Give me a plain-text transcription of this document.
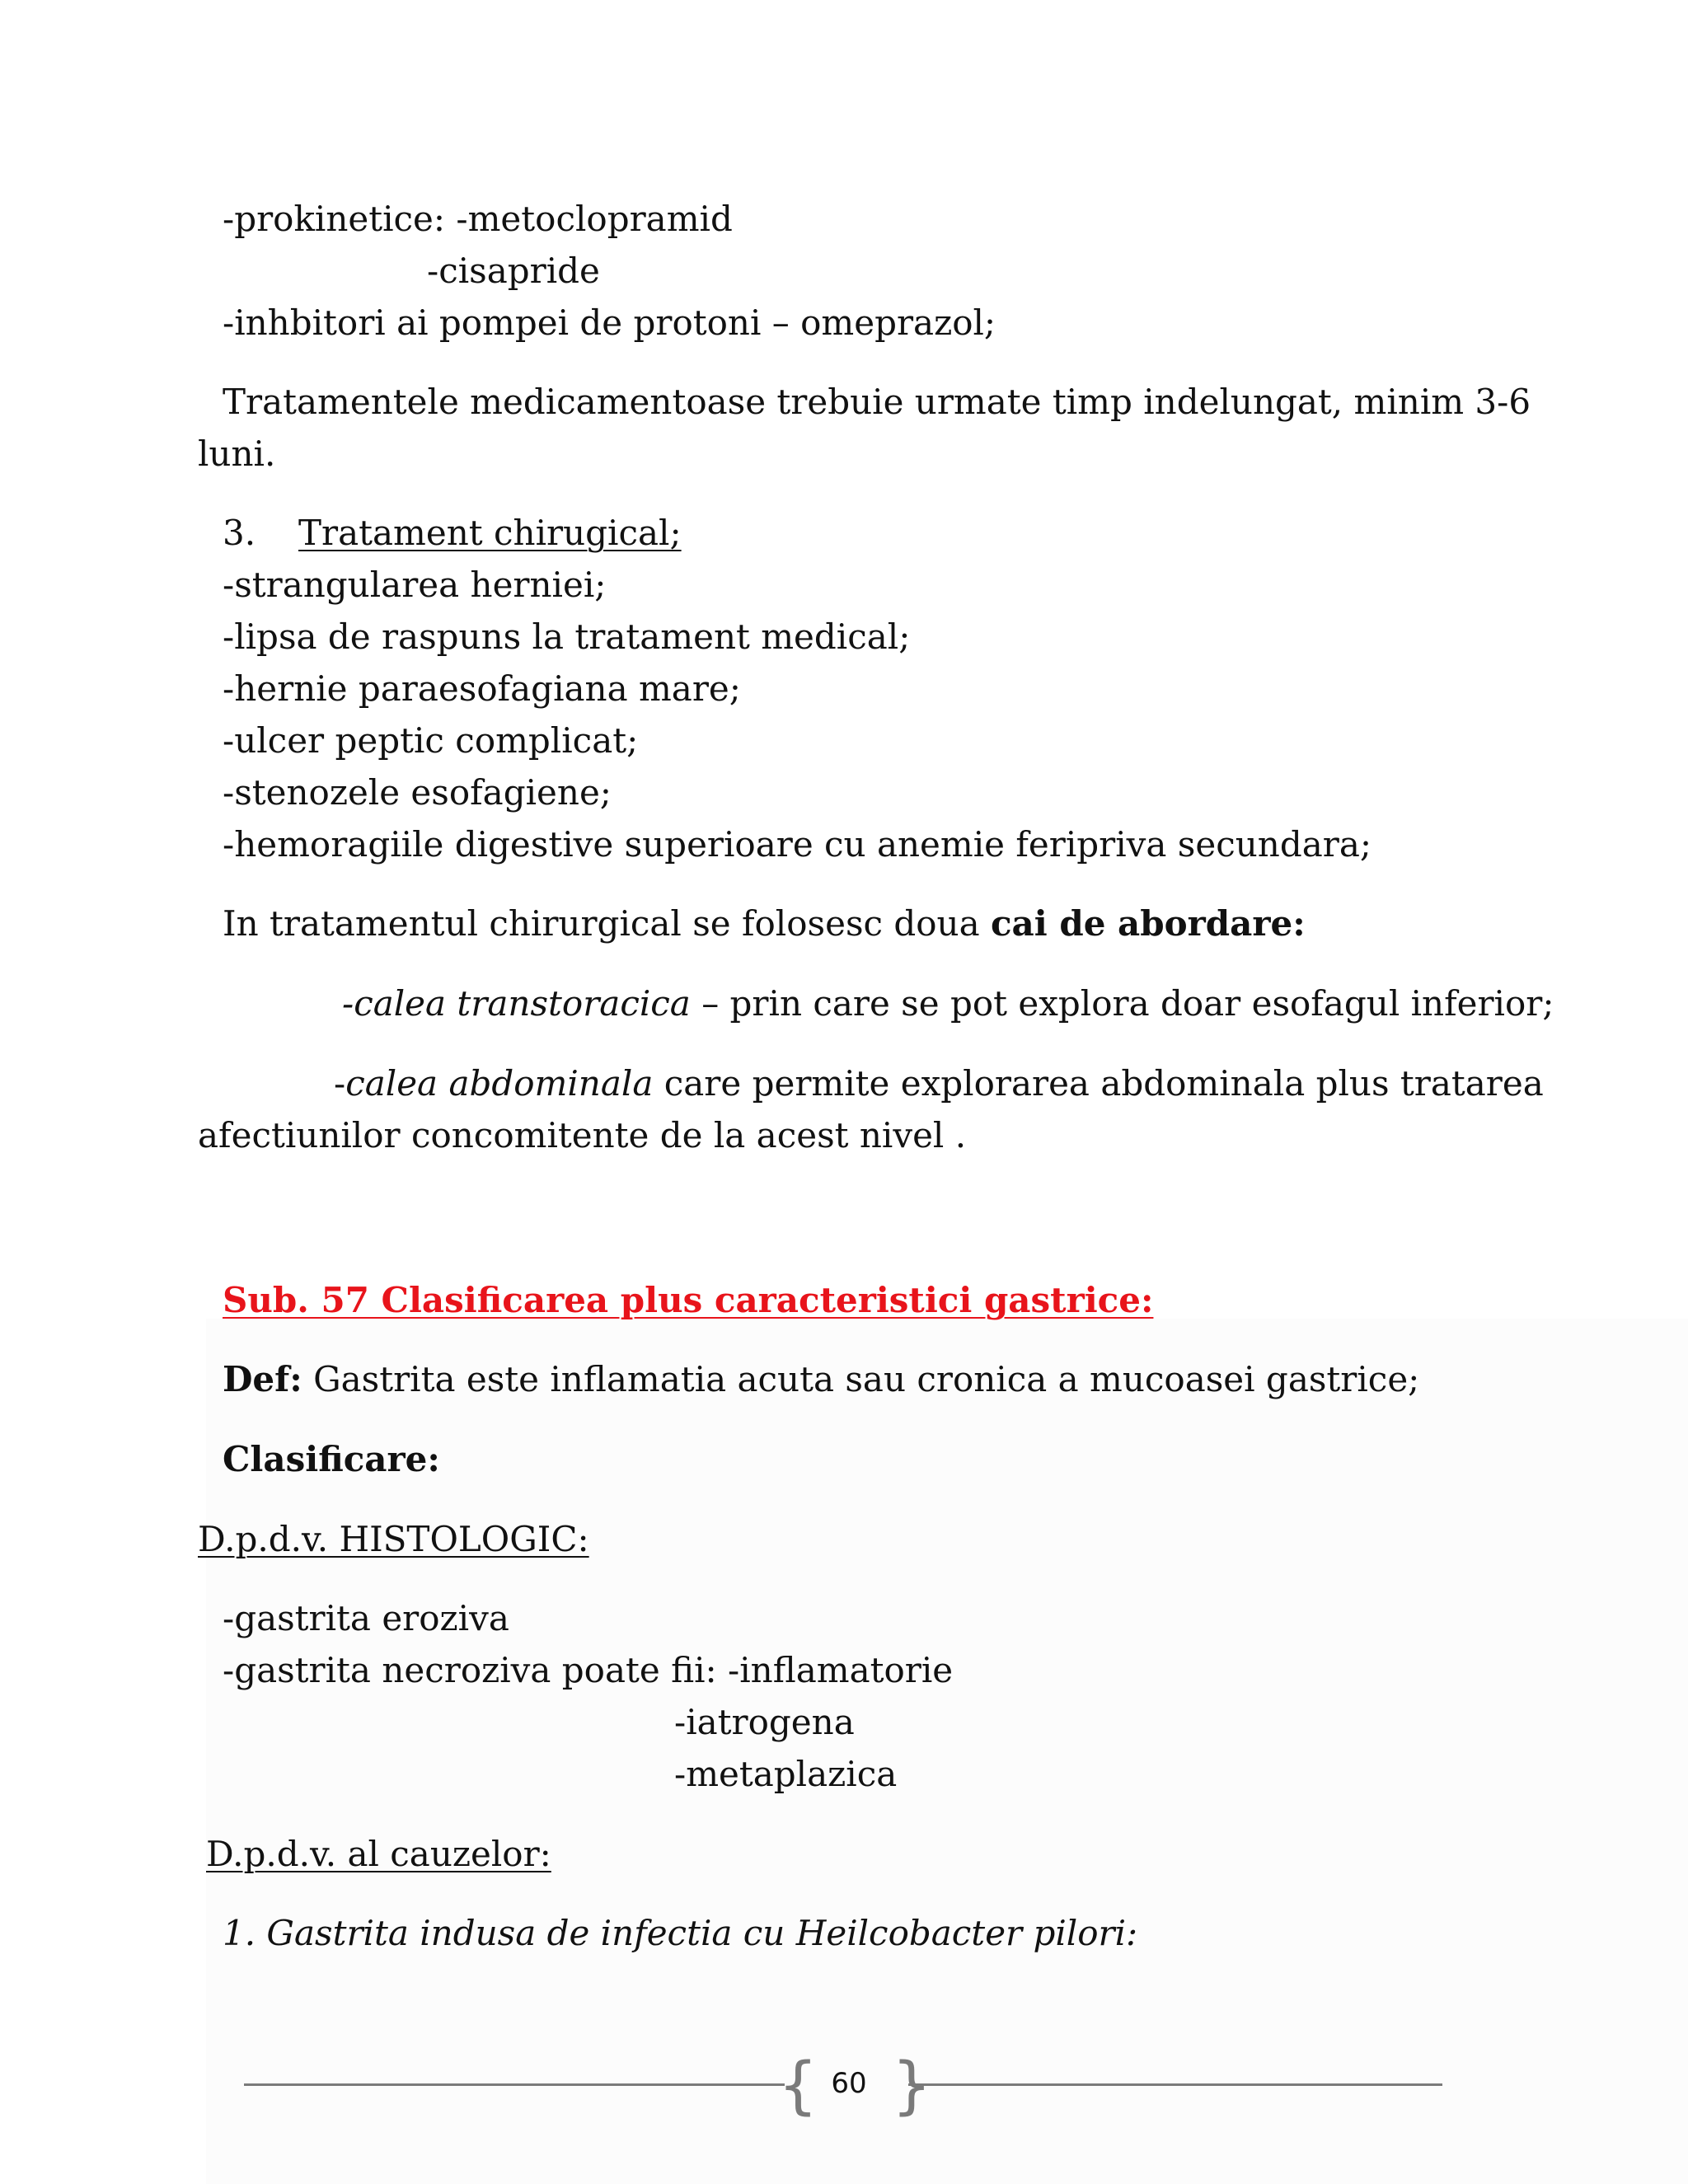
-prokinetice: -metoclopramid
-cisapride
-inhbitori ai pompei de protoni – omeprazol;
Tratamentele medicamentoase trebuie urmate timp indelungat, minim 3-6
luni.
3. Tratament chirugical;
-strangularea herniei;
-lipsa de raspuns la tratament medical;
-hernie paraesofagiana mare;
-ulcer peptic complicat;
-stenozele esofagiene;
-hemoragiile digestive superioare cu anemie feripriva secundara;
In tratamentul chirurgical se folosesc doua cai de abordare:
-calea transtoracica – prin care se pot explora doar esofagul inferior;
-calea abdominala care permite explorarea abdominala plus tratarea
afectiunilor concomitente de la acest nivel .
Sub. 57 Clasificarea plus caracteristici gastrice:
Def: Gastrita este inflamatia acuta sau cronica a mucoasei gastrice;
Clasificare:
D.p.d.v. HISTOLOGIC:
-gastrita eroziva
-gastrita necroziva poate fii: -inflamatorie
-iatrogena
-metaplazica
D.p.d.v. al cauzelor:
1. Gastrita indusa de infectia cu Heilcobacter pilori:
{ }
60
